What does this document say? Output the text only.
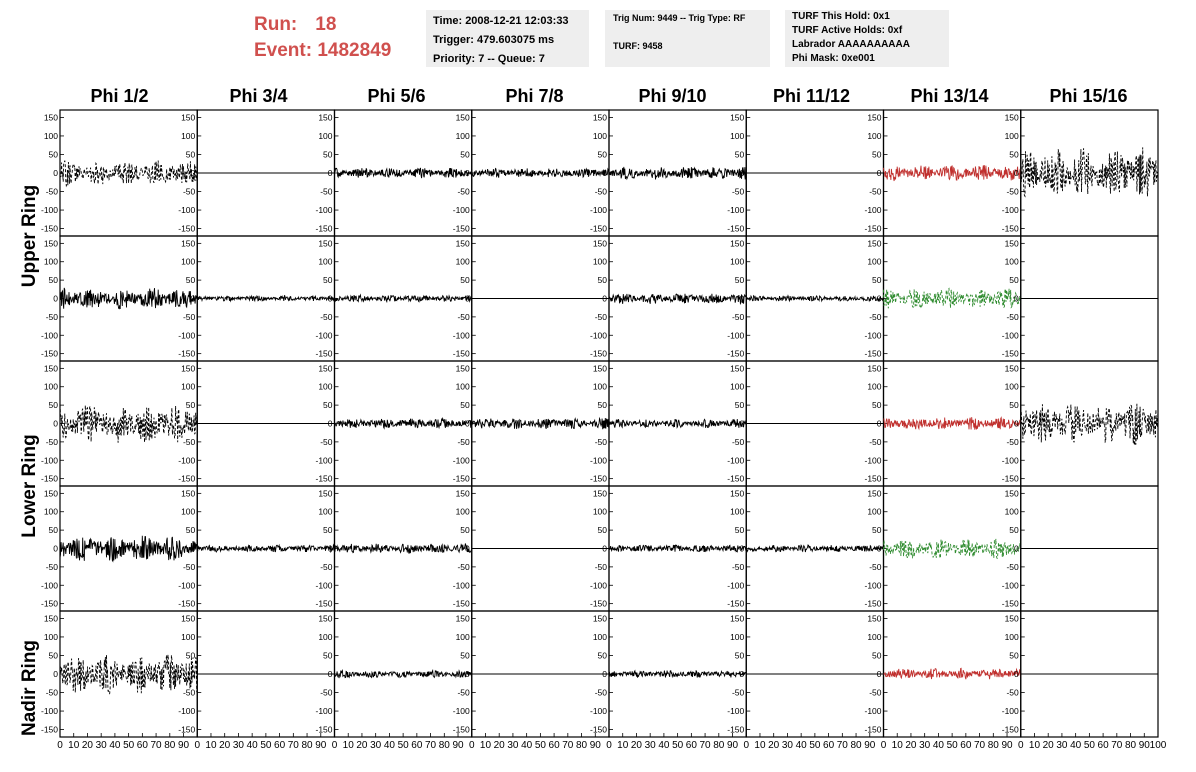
Run: 18
Event: 1482849
Time: 2008-12-21 12:03:33
Trigger: 479.603075 ms
Priority: 7 -- Queue: 7
Trig Num: 9449 -- Trig Type: RF
TURF: 9458
TURF This Hold: 0x1
TURF Active Holds: 0xf
Labrador AAAAAAAAAA
Phi Mask: 0xe001
Phi 1/2	Phi 3/4	Phi 5/6	Phi 7/8	Phi 9/10	Phi 11/12	Phi 13/14	Phi 15/16
Upper Ring
Lower Ring
Nadir Ring
-150
-100
-50
0
50
100
150
-150
-100
-50
0
50
100
150
-150
-100
-50
0
50
100
150
-150
-100
-50
0
50
100
150
-150
-100
-50
0
50
100
150
-150
-100
-50
0
50
100
150
-150
-100
-50
0
50
100
150
-150
-100
-50
0
50
100
150
-150
-100
-50
0
50
100
150
-150
-100
-50
0
50
100
150
-150
-100
-50
0
50
100
150
-150
-100
-50
0
50
100
150
-150
-100
-50
0
50
100
150
-150
-100
-50
0
50
100
150
-150
-100
-50
0
50
100
150
-150
-100
-50
0
50
100
150
-150
-100
-50
0
50
100
150
-150
-100
-50
0
50
100
150
-150
-100
-50
0
50
100
150
-150
-100
-50
0
50
100
150
-150
-100
-50
0
50
100
150
-150
-100
-50
0
50
100
150
-150
-100
-50
0
50
100
150
-150
-100
-50
0
50
100
150
-150
-100
-50
0
50
100
150
-150
-100
-50
0
50
100
150
-150
-100
-50
0
50
100
150
-150
-100
-50
0
50
100
150
-150
-100
-50
0
50
100
150
-150
-100
-50
0
50
100
150
-150
-100
-50
0
50
100
150
-150
-100
-50
0
50
100
150
-150
-100
-50
0
50
100
150
-150
-100
-50
0
50
100
150
-150
-100
-50
0
50
100
150
-150
-100
-50
0
50
100
150
-150
-100
-50
0
50
100
150
-150
-100
-50
0
50
100
150
-150
-100
-50
0
50
100
150
-150
-100
-50
0
50
100
150
0 10 20 30 40 50 60 70 80 90 0 10 20 30 40 50 60 70 80 90 0 10 20 30 40 50 60 70 80 90 0 10 20 30 40 50 60 70 80 90 0 10 20 30 40 50 60 70 80 90 0 10 20 30 40 50 60 70 80 90 0 10 20 30 40 50 60 70 80 90 0 10 20 30 40 50 60 70 80 90 100
